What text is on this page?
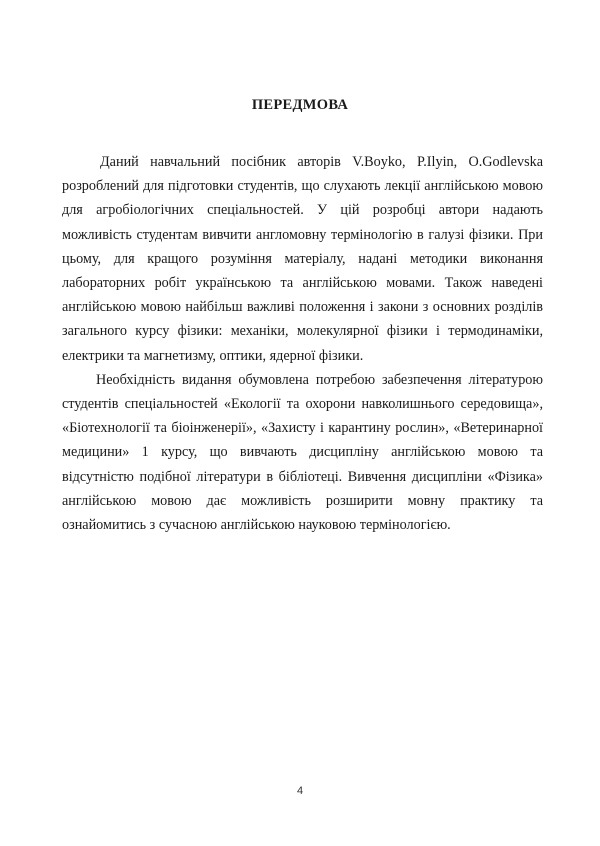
ПЕРЕДМОВА

Даний навчальний посібник авторів V.Boyko, P.Ilyin, O.Godlevska розроблений для підготовки студентів, що слухають лекції англійською мовою для агробіологічних спеціальностей. У цій розробці автори надають можливість студентам вивчити англомовну термінологію в галузі фізики. При цьому, для кращого розуміння матеріалу, надані методики виконання лабораторних робіт українською та англійською мовами. Також наведені англійською мовою найбільш важливі положення і закони з основних розділів загального курсу фізики: механіки, молекулярної фізики і термодинаміки, електрики та магнетизму, оптики, ядерної фізики.

Необхідність видання обумовлена потребою забезпечення літературою студентів спеціальностей «Екології та охорони навколишнього середовища», «Біотехнології та біоінженерії», «Захисту і карантину рослин», «Ветеринарної медицини» 1 курсу, що вивчають дисципліну англійською мовою та відсутністю подібної літератури в бібліотеці. Вивчення дисципліни «Фізика» англійською мовою дає можливість розширити мовну практику та ознайомитись з сучасною англійською науковою термінологією.

4
